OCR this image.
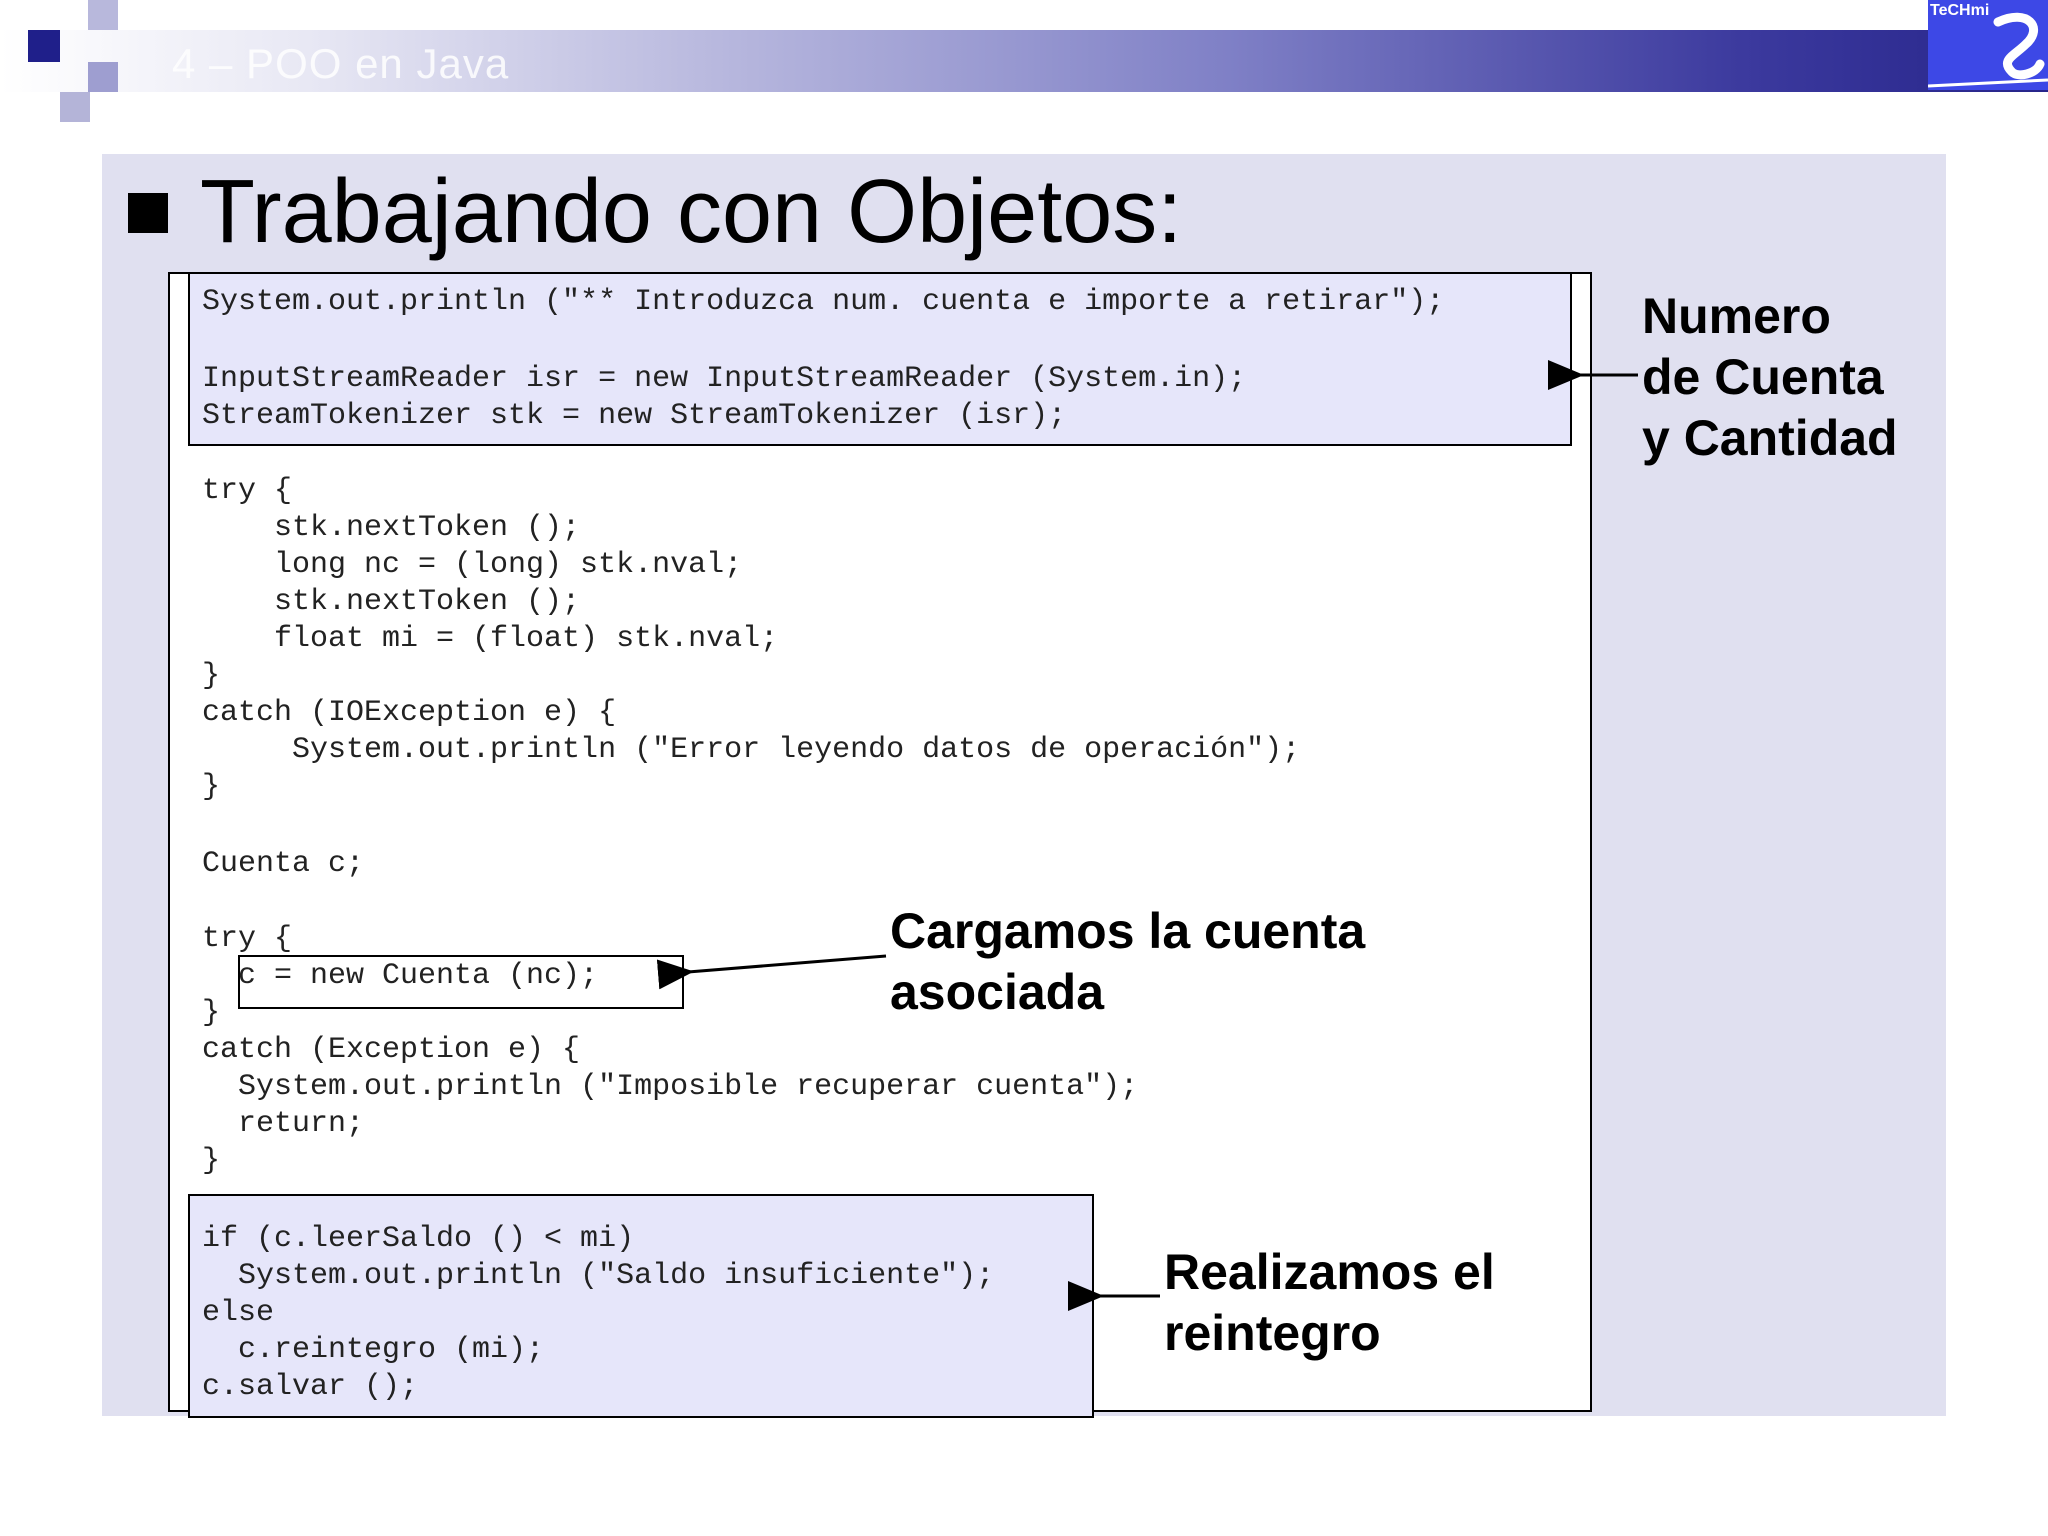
4 – POO en Java
TeCHmi
Trabajando con Objetos:
System.out.println ("** Introduzca num. cuenta e importe a retirar");
InputStreamReader isr = new InputStreamReader (System.in);
StreamTokenizer stk = new StreamTokenizer (isr);
try {
stk.nextToken ();
long nc = (long) stk.nval;
stk.nextToken ();
float mi = (float) stk.nval;
}
catch (IOException e) {
System.out.println ("Error leyendo datos de operación");
}
Cuenta c;
try {
c = new Cuenta (nc);
}
catch (Exception e) {
System.out.println ("Imposible recuperar cuenta");
return;
}
if (c.leerSaldo () < mi)
System.out.println ("Saldo insuficiente");
else
c.reintegro (mi);
c.salvar ();
Numero
de Cuenta
y Cantidad
Cargamos la cuenta
asociada
Realizamos el
reintegro
